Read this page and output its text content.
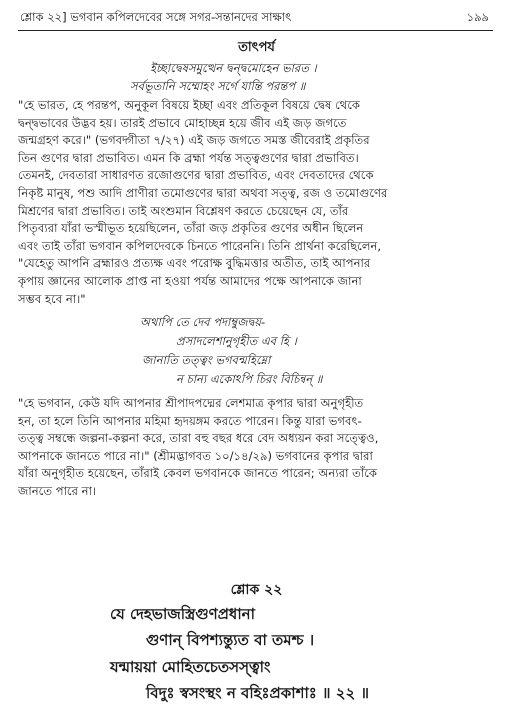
শ্লোক ২২] ভগবান কপিলদেবের সঙ্গে সগর-সন্তানদের সাক্ষাৎ	১৯৯
তাৎপর্য
ইচ্ছাদ্বেষসমুত্থেন দ্বন্দ্বমোহেন ভারত ।
সর্বভূতানি সম্মোহং সর্গে যান্তি পরন্তপ ॥
"হে ভারত, হে পরন্তপ, অনুকূল বিষয়ে ইচ্ছা এবং প্রতিকূল বিষয়ে দ্বেষ থেকে
দ্বন্দ্বভাবের উদ্ভব হয়। তারই প্রভাবে মোহাচ্ছন্ন হয়ে জীব এই জড় জগতে
জন্মগ্রহণ করে।" (ভগবদ্গীতা ৭/২৭) এই জড় জগতে সমস্ত জীবেরাই প্রকৃতির
তিন গুণের দ্বারা প্রভাবিত। এমন কি ব্রহ্মা পর্যন্ত সত্ত্বগুণের দ্বারা প্রভাবিত।
তেমনই, দেবতারা সাধারণত রজোগুণের দ্বারা প্রভাবিত, এবং দেবতাদের থেকে
নিকৃষ্ট মানুষ, পশু আদি প্রাণীরা তমোগুণের দ্বারা অথবা সত্ত্ব, রজ ও তমোগুণের
মিশ্রণের দ্বারা প্রভাবিত। তাই অংশুমান বিশ্লেষণ করতে চেয়েছেন যে, তাঁর
পিতৃব্যরা যাঁরা ভস্মীভূত হয়েছিলেন, তাঁরা জড় প্রকৃতির গুণের অধীন ছিলেন
এবং তাই তাঁরা ভগবান কপিলদেবকে চিনতে পারেননি। তিনি প্রার্থনা করেছিলেন,
"যেহেতু আপনি ব্রহ্মারও প্রত্যক্ষ এবং পরোক্ষ বুদ্ধিমত্তার অতীত, তাই আপনার
কৃপায় জ্ঞানের আলোক প্রাপ্ত না হওয়া পর্যন্ত আমাদের পক্ষে আপনাকে জানা
সম্ভব হবে না।"
অথাপি তে দেব পদাম্বুজদ্বয়-
প্রসাদলেশানুগৃহীত এব হি ।
জানাতি তত্ত্বং ভগবন্মহিম্নো
ন চান্য একোঽপি চিরং বিচিন্বন্ ॥
"হে ভগবান, কেউ যদি আপনার শ্রীপাদপদ্মের লেশমাত্র কৃপার দ্বারা অনুগৃহীত
হন, তা হলে তিনি আপনার মহিমা হৃদয়ঙ্গম করতে পারেন। কিন্তু যারা ভগবৎ-
তত্ত্ব সম্বন্ধে জল্পনা-কল্পনা করে, তারা বহু বছর ধরে বেদ অধ্যয়ন করা সত্ত্বেও,
আপনাকে জানতে পারে না।" (শ্রীমদ্ভাগবত ১০/১৪/২৯) ভগবানের কৃপার দ্বারা
যাঁরা অনুগৃহীত হয়েছেন, তাঁরাই কেবল ভগবানকে জানতে পারেন; অন্যরা তাঁকে
জানতে পারে না।
শ্লোক ২২
যে দেহভাজস্ত্রিগুণপ্রধানা
গুণান্ বিপশ্যন্ত্যুত বা তমশ্চ ।
যন্মায়য়া মোহিতচেতসস্ত্বাং
বিদুঃ স্বসংস্থং ন বহিঃপ্রকাশাঃ ॥ ২২ ॥
